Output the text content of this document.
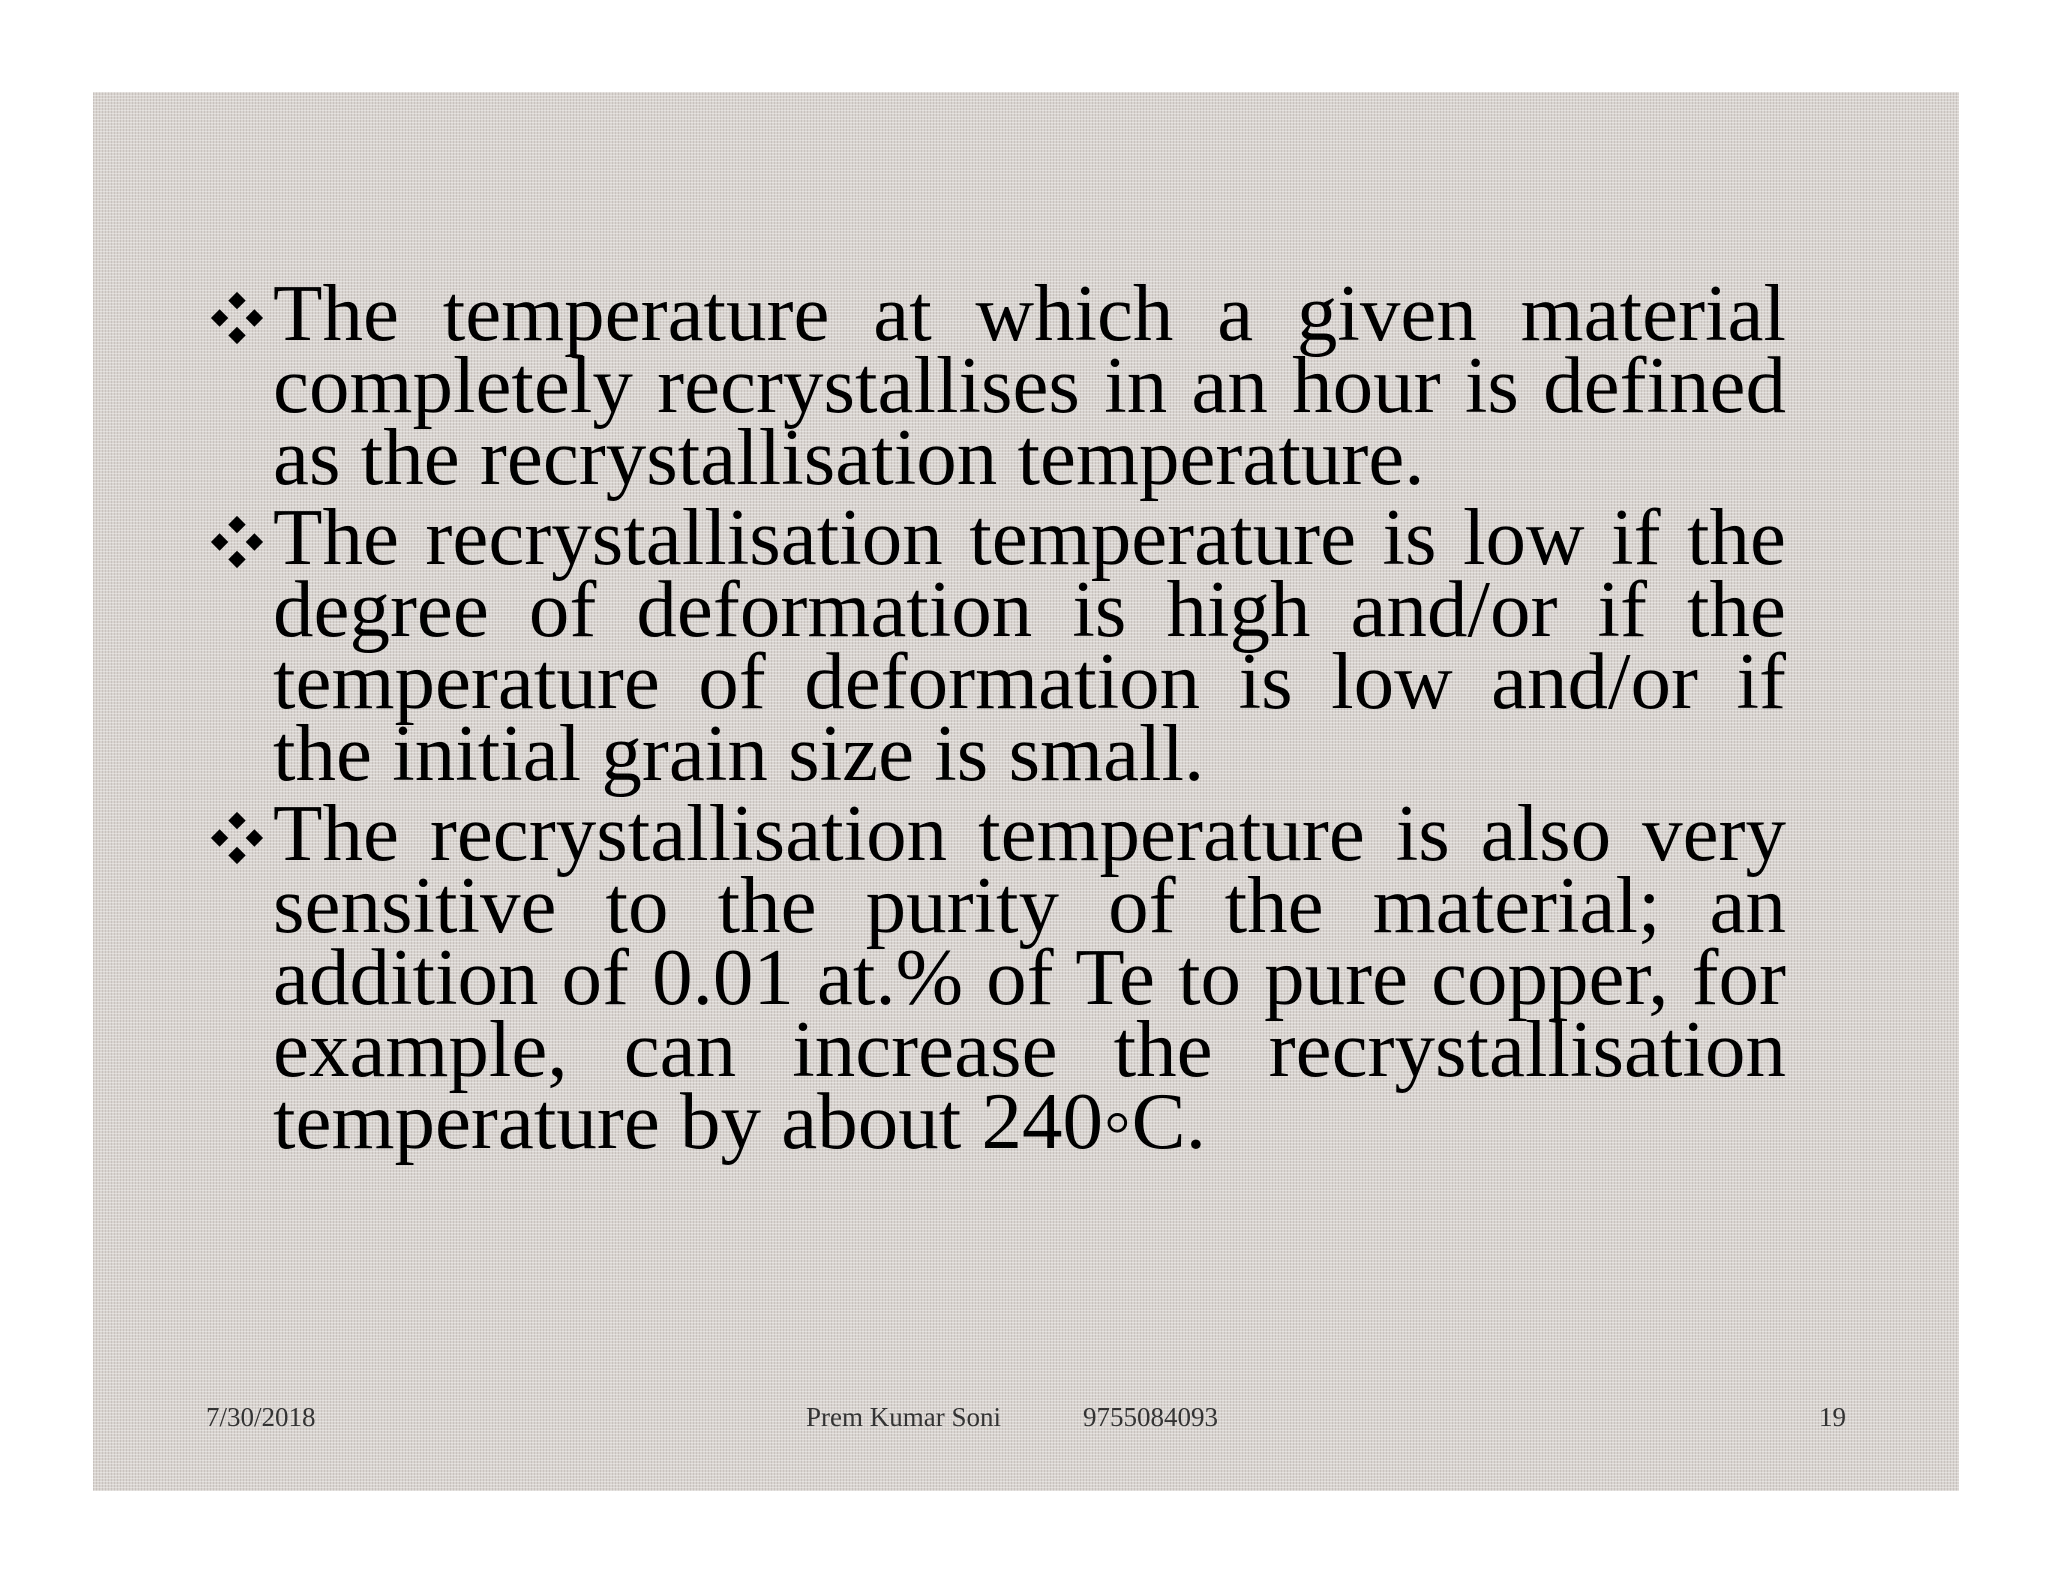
The temperature at which a given material completely recrystallises in an hour is defined as the recrystallisation temperature.
The recrystallisation temperature is low if the degree of deformation is high and/or if the temperature of deformation is low and/or if the initial grain size is small.
The recrystallisation temperature is also very sensitive to the purity of the material; an addition of 0.01 at.% of Te to pure copper, for example, can increase the recrystallisation temperature by about 240◦C.
7/30/2018	Prem Kumar Soni	9755084093	19
